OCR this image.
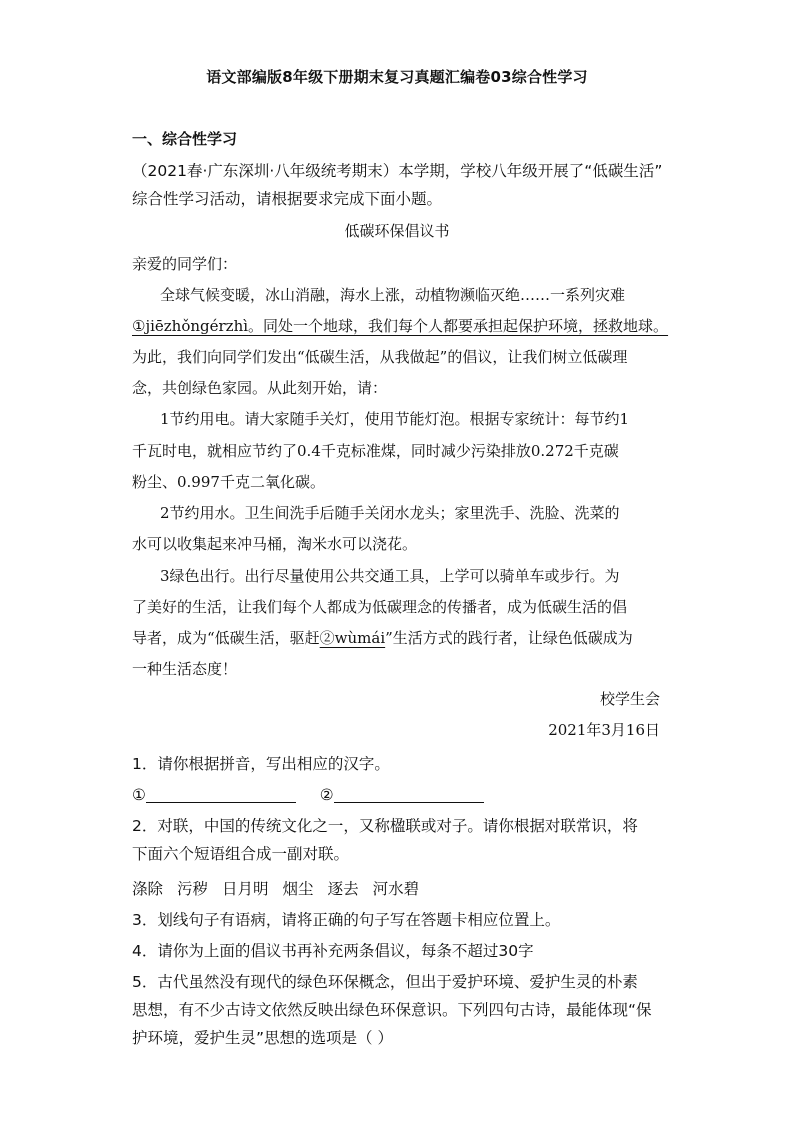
语文部编版8年级下册期末复习真题汇编卷03综合性学习
一、综合性学习
（2021春·广东深圳·八年级统考期末）本学期，学校八年级开展了“低碳生活”
综合性学习活动，请根据要求完成下面小题。
低碳环保倡议书
亲爱的同学们：
全球气候变暖，冰山消融，海水上涨，动植物濒临灭绝……一系列灾难
①jiēzhǒngérzhì。同处一个地球，我们每个人都要承担起保护环境，拯救地球。
为此，我们向同学们发出“低碳生活，从我做起”的倡议，让我们树立低碳理
念，共创绿色家园。从此刻开始，请：
1节约用电。请大家随手关灯，使用节能灯泡。根据专家统计：每节约1
千瓦时电，就相应节约了0.4千克标准煤，同时减少污染排放0.272千克碳
粉尘、0.997千克二氧化碳。
2节约用水。卫生间洗手后随手关闭水龙头；家里洗手、洗脸、洗菜的
水可以收集起来冲马桶，淘米水可以浇花。
3绿色出行。出行尽量使用公共交通工具，上学可以骑单车或步行。为
了美好的生活，让我们每个人都成为低碳理念的传播者，成为低碳生活的倡
导者，成为“低碳生活，驱赶②wùmái”生活方式的践行者，让绿色低碳成为
一种生活态度！
校学生会
2021年3月16日
1．请你根据拼音，写出相应的汉字。
①	②
2．对联，中国的传统文化之一，又称楹联或对子。请你根据对联常识，将
下面六个短语组合成一副对联。
涤除 污秽 日月明 烟尘 逐去 河水碧
3．划线句子有语病，请将正确的句子写在答题卡相应位置上。
4．请你为上面的倡议书再补充两条倡议，每条不超过30字
5．古代虽然没有现代的绿色环保概念，但出于爱护环境、爱护生灵的朴素
思想，有不少古诗文依然反映出绿色环保意识。下列四句古诗，最能体现“保
护环境，爱护生灵”思想的选项是（ ）
